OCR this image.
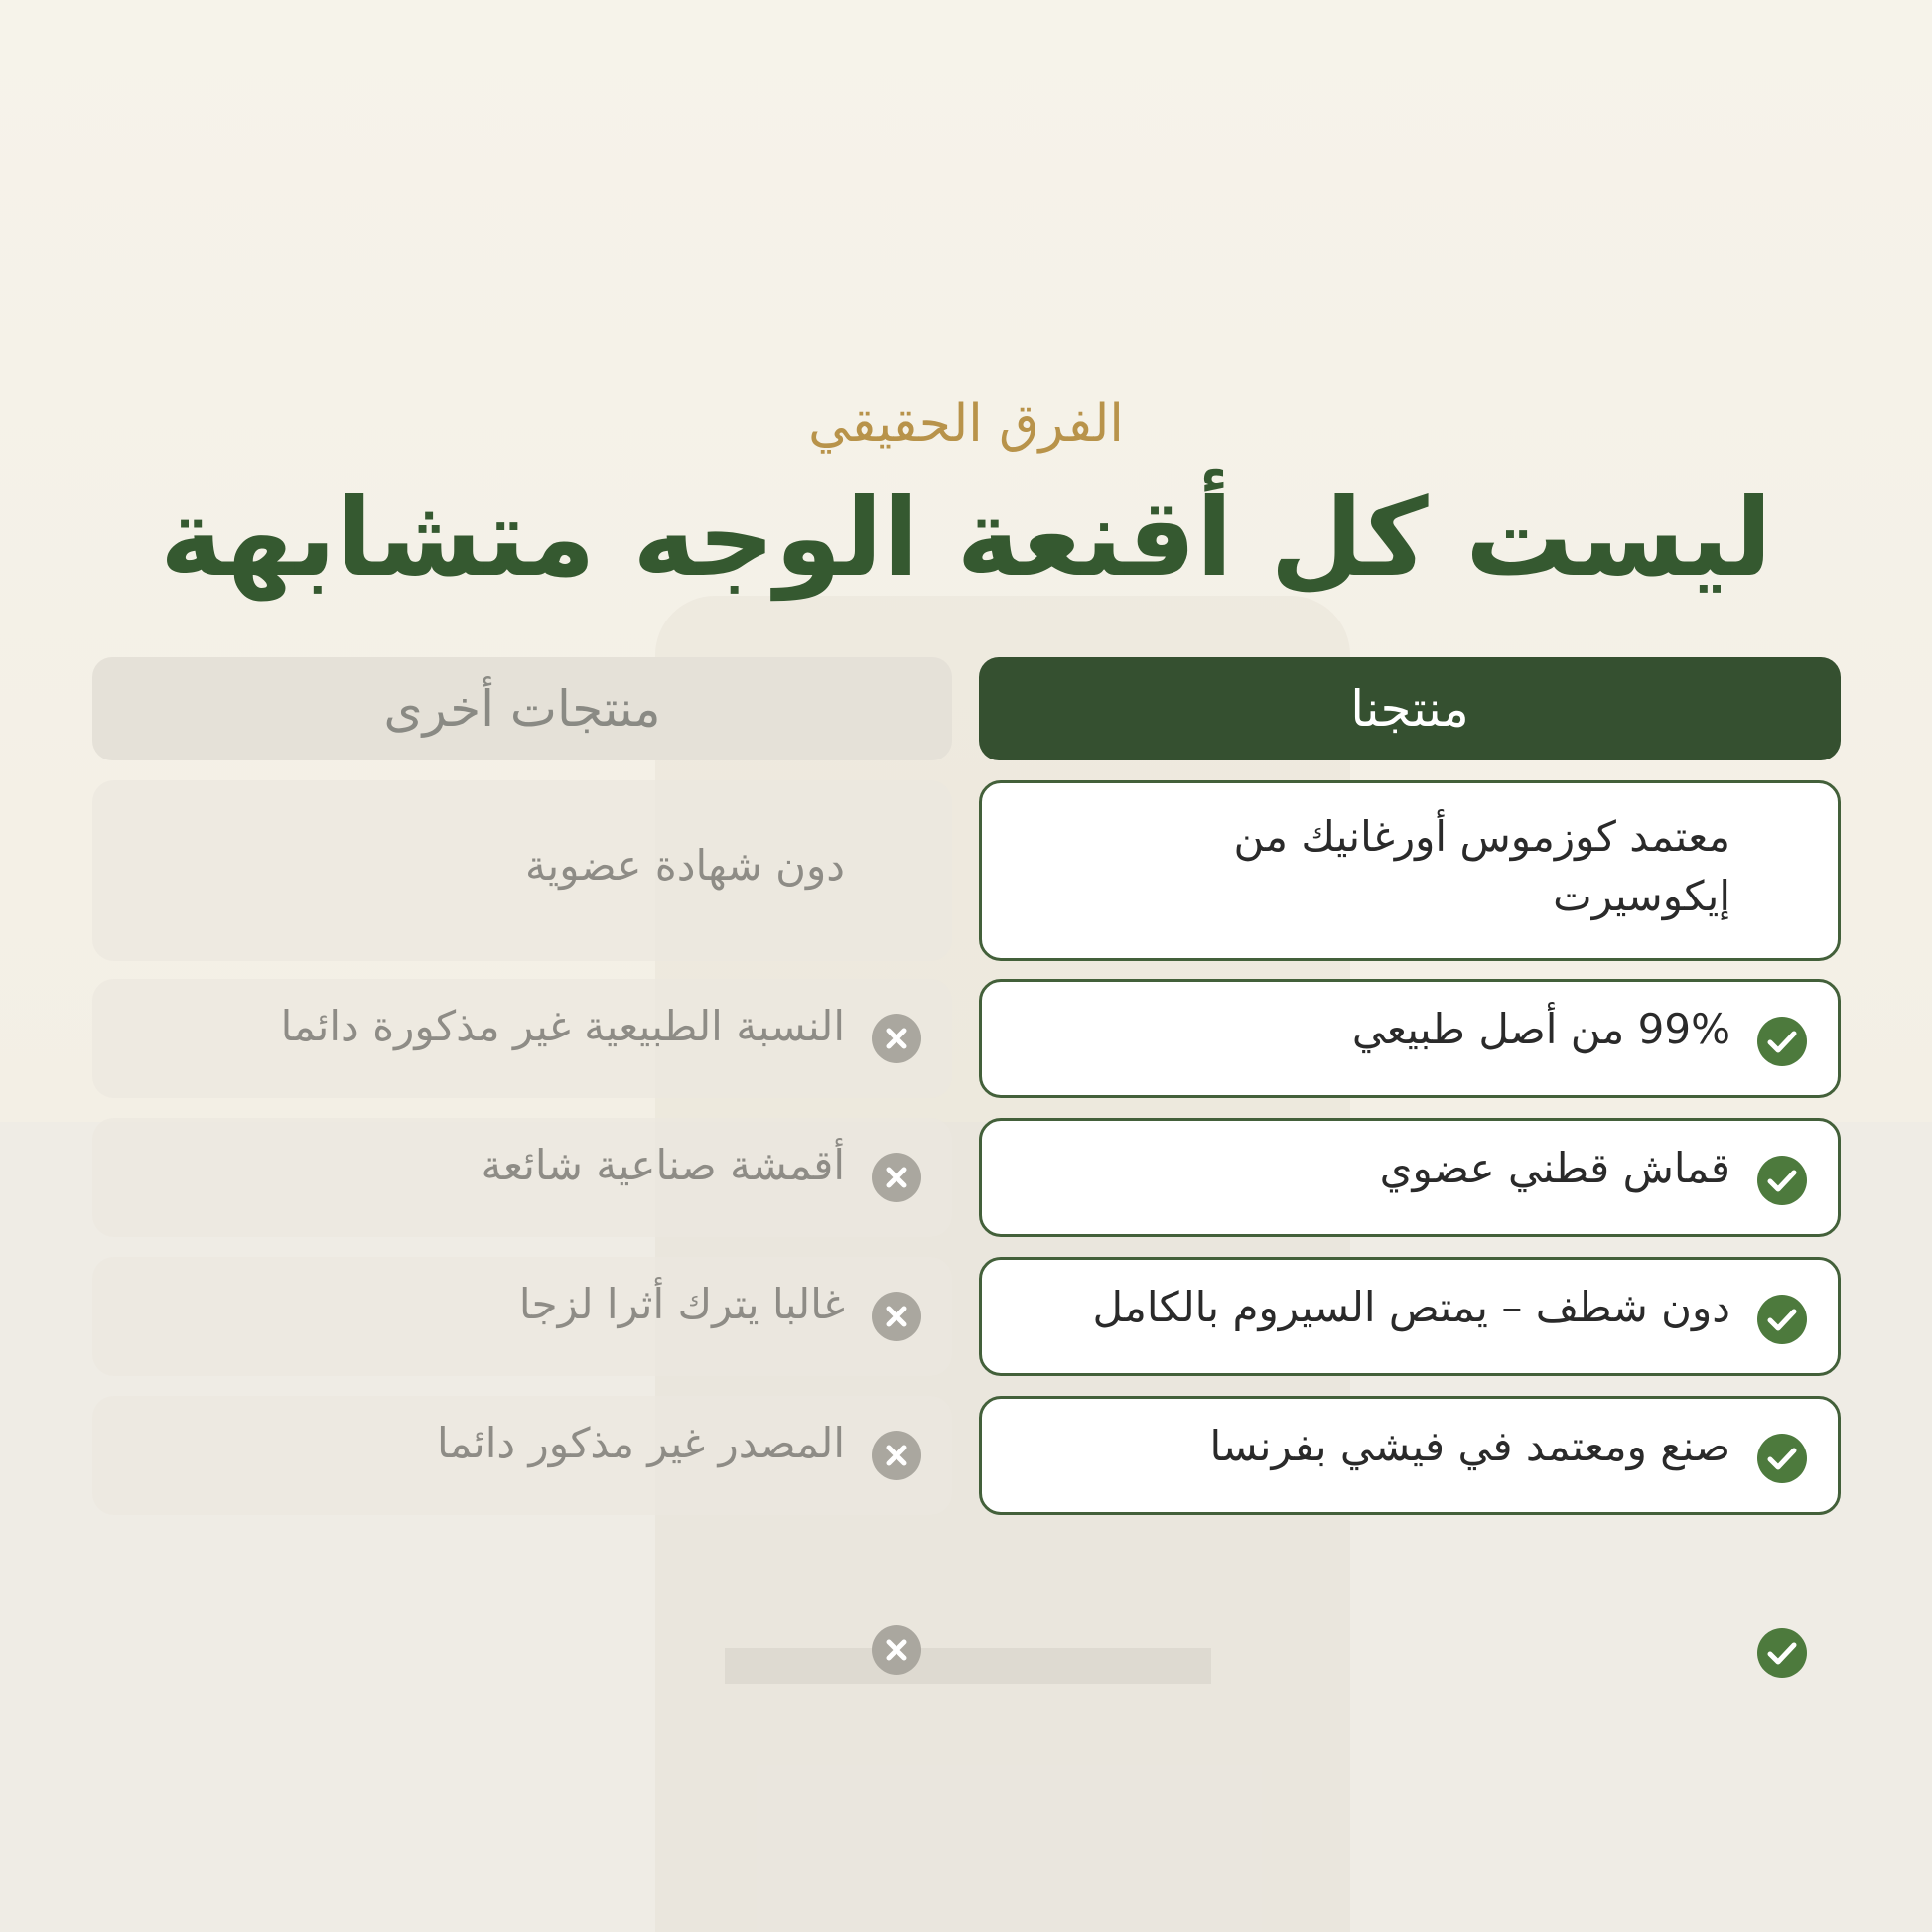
الفرق الحقيقي
ليست كل أقنعة الوجه متشابهة
منتجنا
منتجات أخرى
معتمد كوزموس أورغانيك من إيكوسيرت
دون شهادة عضوية
99% من أصل طبيعي
النسبة الطبيعية غير مذكورة دائما
قماش قطني عضوي
أقمشة صناعية شائعة
دون شطف – يمتص السيروم بالكامل
غالبا يترك أثرا لزجا
صنع ومعتمد في فيشي بفرنسا
المصدر غير مذكور دائما
